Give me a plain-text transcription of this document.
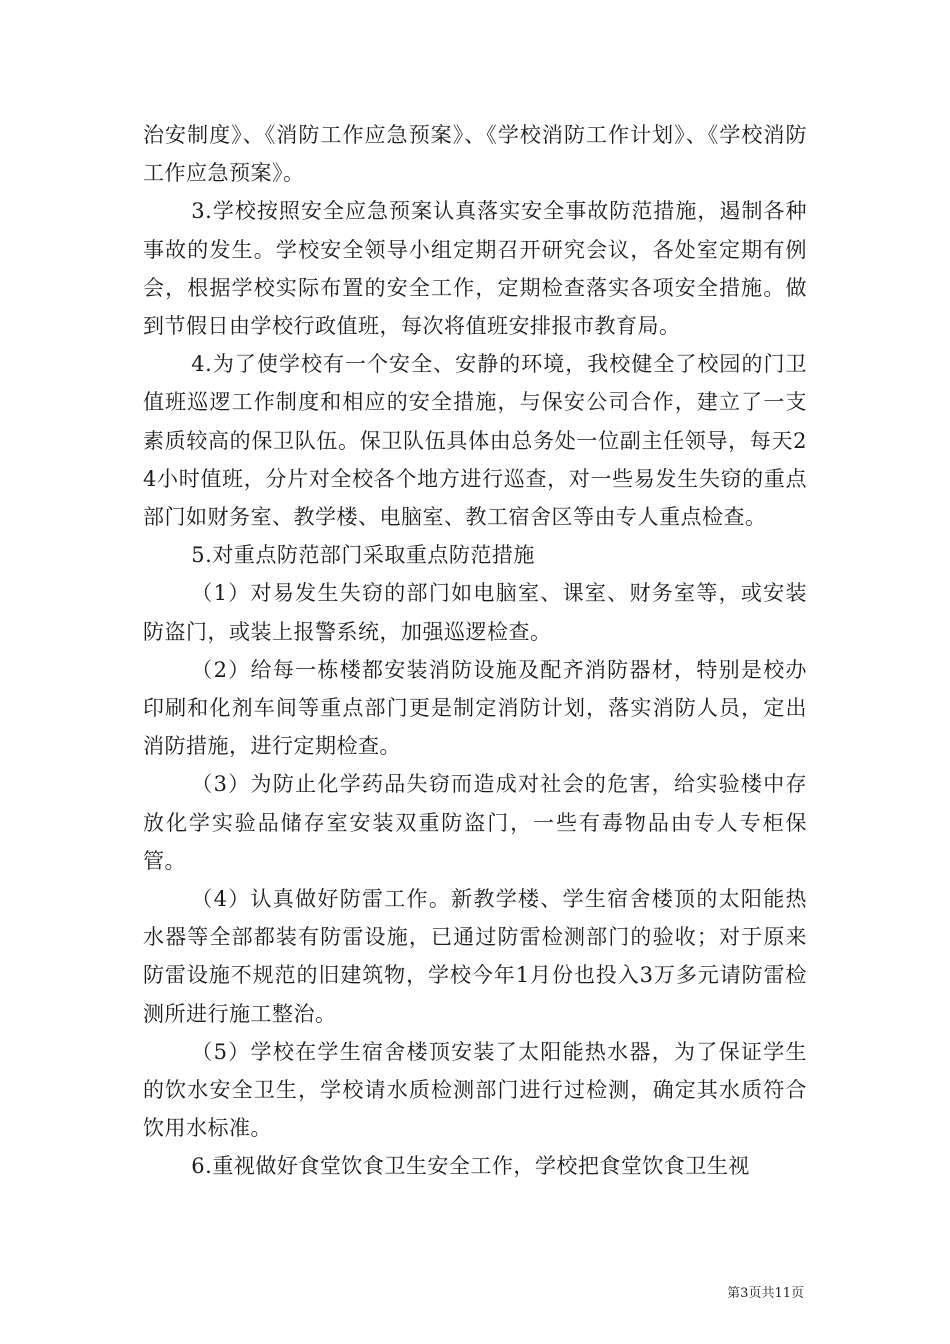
治安制度》、《消防工作应急预案》、《学校消防工作计划》、《学校消防工作应急预案》。

3.学校按照安全应急预案认真落实安全事故防范措施，遏制各种事故的发生。学校安全领导小组定期召开研究会议，各处室定期有例会，根据学校实际布置的安全工作，定期检查落实各项安全措施。做到节假日由学校行政值班，每次将值班安排报市教育局。

4.为了使学校有一个安全、安静的环境，我校健全了校园的门卫值班巡逻工作制度和相应的安全措施，与保安公司合作，建立了一支素质较高的保卫队伍。保卫队伍具体由总务处一位副主任领导，每天24小时值班，分片对全校各个地方进行巡查，对一些易发生失窃的重点部门如财务室、教学楼、电脑室、教工宿舍区等由专人重点检查。

5.对重点防范部门采取重点防范措施

（1）对易发生失窃的部门如电脑室、课室、财务室等，或安装防盗门，或装上报警系统，加强巡逻检查。

（2）给每一栋楼都安装消防设施及配齐消防器材，特别是校办印刷和化剂车间等重点部门更是制定消防计划，落实消防人员，定出消防措施，进行定期检查。

（3）为防止化学药品失窃而造成对社会的危害，给实验楼中存放化学实验品储存室安装双重防盗门，一些有毒物品由专人专柜保管。

（4）认真做好防雷工作。新教学楼、学生宿舍楼顶的太阳能热水器等全部都装有防雷设施，已通过防雷检测部门的验收；对于原来防雷设施不规范的旧建筑物，学校今年1月份也投入3万多元请防雷检测所进行施工整治。

（5）学校在学生宿舍楼顶安装了太阳能热水器，为了保证学生的饮水安全卫生，学校请水质检测部门进行过检测，确定其水质符合饮用水标准。

6.重视做好食堂饮食卫生安全工作，学校把食堂饮食卫生视

第3页共11页
